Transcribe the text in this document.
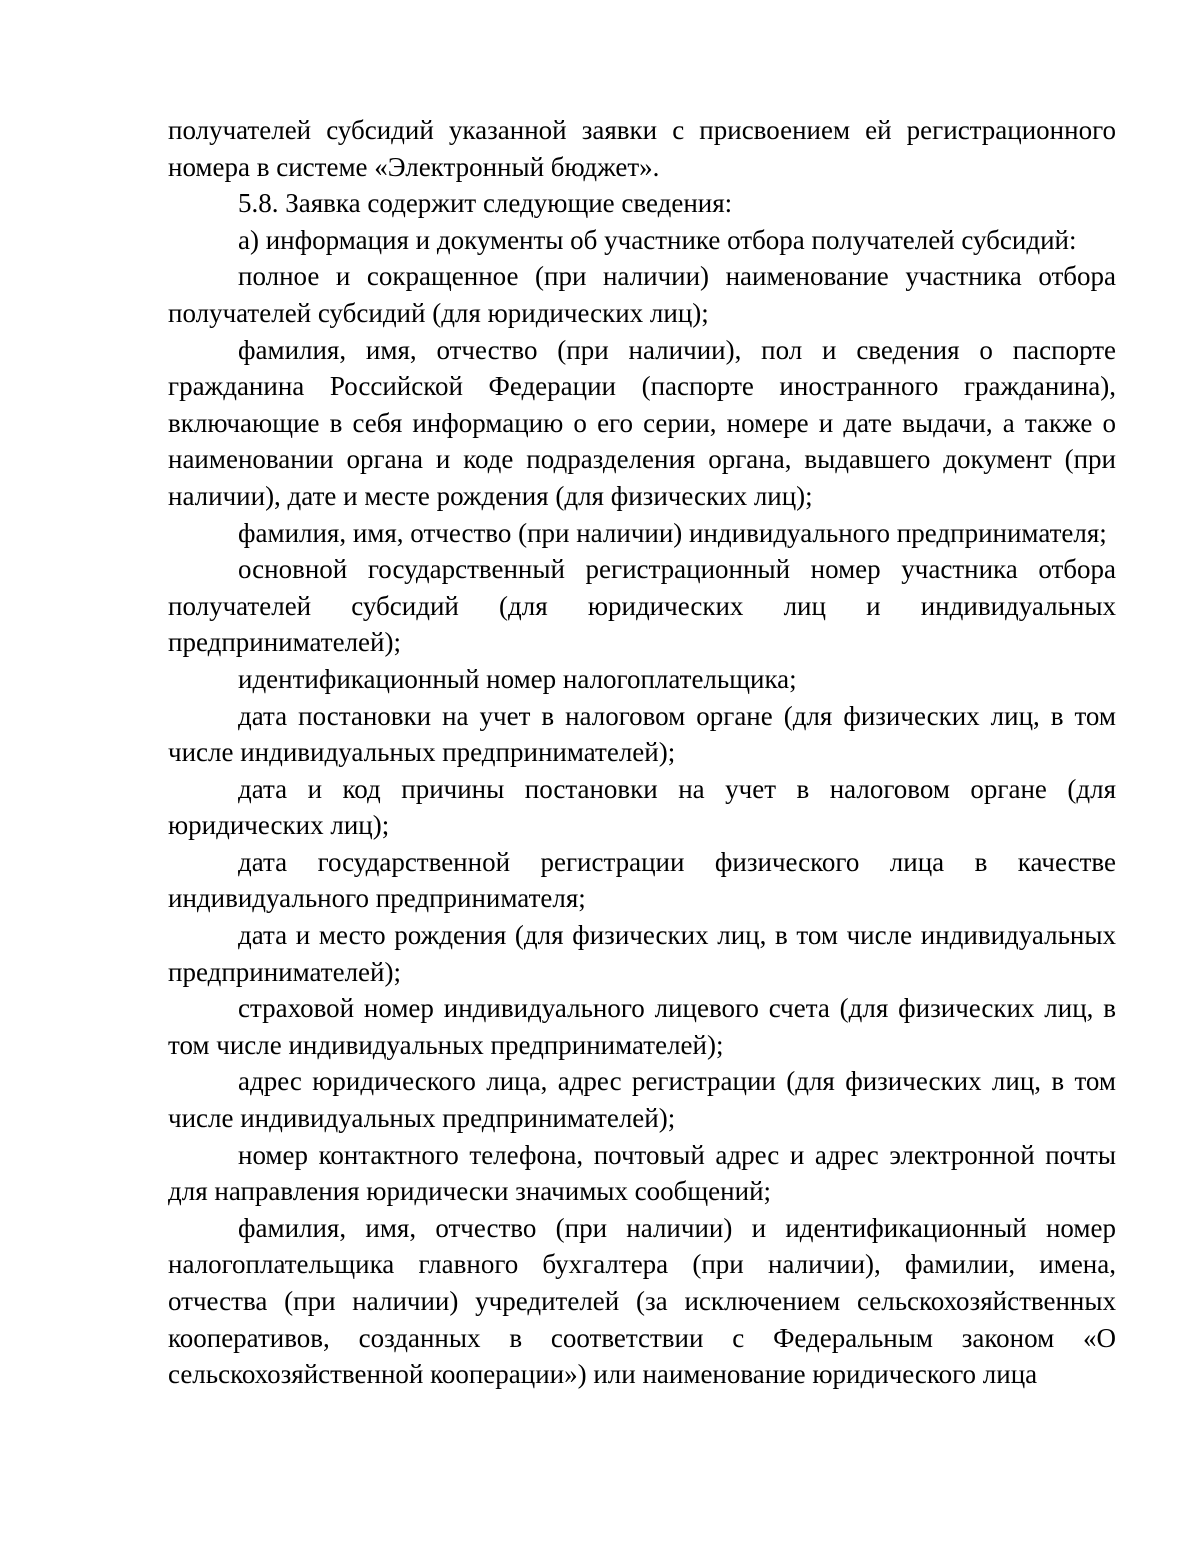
получателей субсидий указанной заявки с присвоением ей регистрационного номера в системе «Электронный бюджет».

5.8. Заявка содержит следующие сведения:

а) информация и документы об участнике отбора получателей субсидий:

полное и сокращенное (при наличии) наименование участника отбора получателей субсидий (для юридических лиц);

фамилия, имя, отчество (при наличии), пол и сведения о паспорте гражданина Российской Федерации (паспорте иностранного гражданина), включающие в себя информацию о его серии, номере и дате выдачи, а также о наименовании органа и коде подразделения органа, выдавшего документ (при наличии), дате и месте рождения (для физических лиц);

фамилия, имя, отчество (при наличии) индивидуального предпринимателя;

основной государственный регистрационный номер участника отбора получателей субсидий (для юридических лиц и индивидуальных предпринимателей);

идентификационный номер налогоплательщика;

дата постановки на учет в налоговом органе (для физических лиц, в том числе индивидуальных предпринимателей);

дата и код причины постановки на учет в налоговом органе (для юридических лиц);

дата государственной регистрации физического лица в качестве индивидуального предпринимателя;

дата и место рождения (для физических лиц, в том числе индивидуальных предпринимателей);

страховой номер индивидуального лицевого счета (для физических лиц, в том числе индивидуальных предпринимателей);

адрес юридического лица, адрес регистрации (для физических лиц, в том числе индивидуальных предпринимателей);

номер контактного телефона, почтовый адрес и адрес электронной почты для направления юридически значимых сообщений;

фамилия, имя, отчество (при наличии) и идентификационный номер налогоплательщика главного бухгалтера (при наличии), фамилии, имена, отчества (при наличии) учредителей (за исключением сельскохозяйственных кооперативов, созданных в соответствии с Федеральным законом «О сельскохозяйственной кооперации») или наименование юридического лица
